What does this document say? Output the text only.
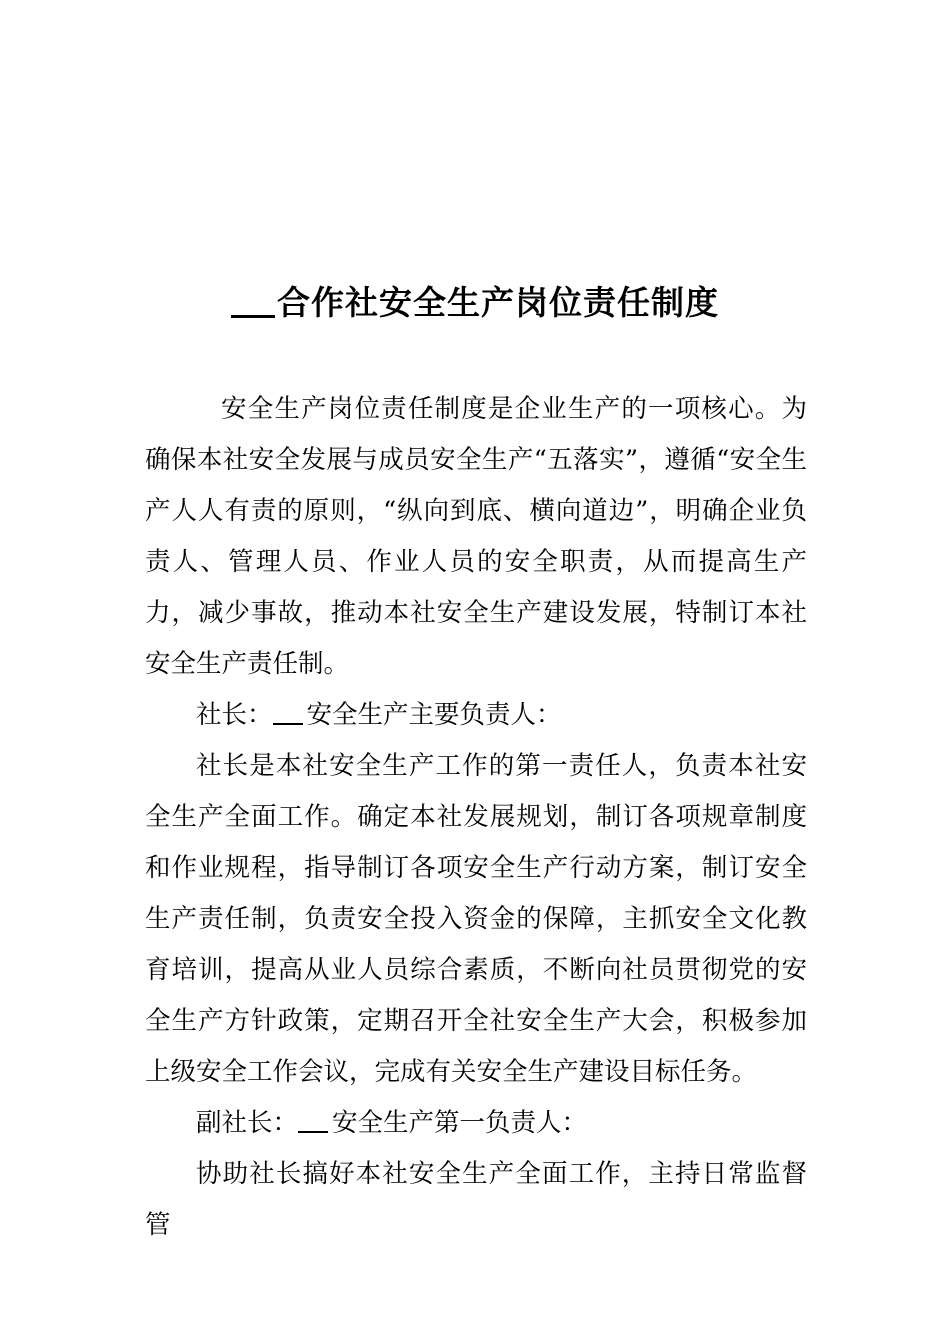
合作社安全生产岗位责任制度

安全生产岗位责任制度是企业生产的一项核心。为确保本社安全发展与成员安全生产“五落实”，遵循“安全生产人人有责的原则，“纵向到底、横向道边”，明确企业负责人、管理人员、作业人员的安全职责，从而提高生产力，减少事故，推动本社安全生产建设发展，特制订本社安全生产责任制。

社长： 安全生产主要负责人：

社长是本社安全生产工作的第一责任人，负责本社安全生产全面工作。确定本社发展规划，制订各项规章制度和作业规程，指导制订各项安全生产行动方案，制订安全生产责任制，负责安全投入资金的保障，主抓安全文化教育培训，提高从业人员综合素质，不断向社员贯彻党的安全生产方针政策，定期召开全社安全生产大会，积极参加上级安全工作会议，完成有关安全生产建设目标任务。

副社长： 安全生产第一负责人：

协助社长搞好本社安全生产全面工作，主持日常监督管
